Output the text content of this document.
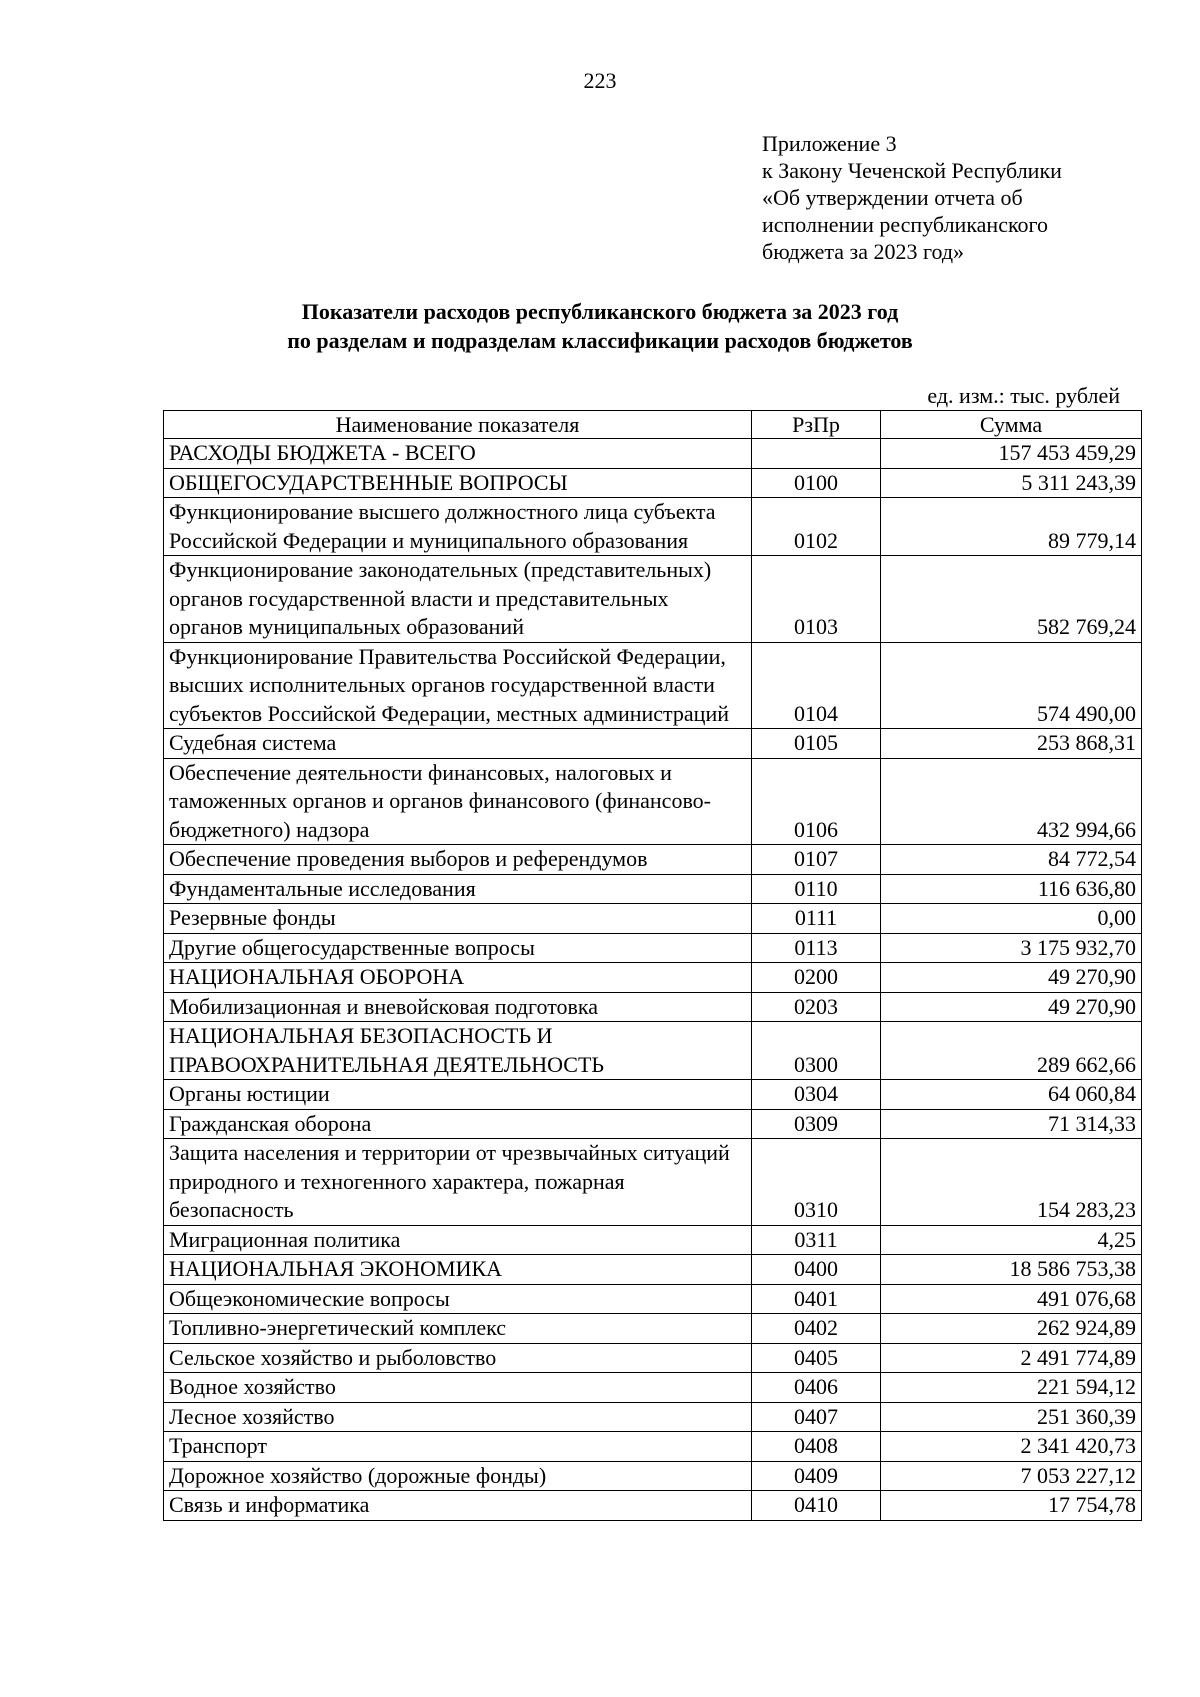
223
Приложение 3
к Закону Чеченской Республики
«Об утверждении отчета об
исполнении республиканского
бюджета за 2023 год»
Показатели расходов республиканского бюджета за 2023 год
по разделам и подразделам классификации расходов бюджетов
ед. изм.: тыс. рублей
Наименование показателя	РзПр	Сумма
РАСХОДЫ БЮДЖЕТА - ВСЕГО		157 453 459,29
ОБЩЕГОСУДАРСТВЕННЫЕ ВОПРОСЫ	0100	5 311 243,39
Функционирование высшего должностного лица субъекта Российской Федерации и муниципального образования	0102	89 779,14
Функционирование законодательных (представительных) органов государственной власти и представительных органов муниципальных образований	0103	582 769,24
Функционирование Правительства Российской Федерации, высших исполнительных органов государственной власти субъектов Российской Федерации, местных администраций	0104	574 490,00
Судебная система	0105	253 868,31
Обеспечение деятельности финансовых, налоговых и таможенных органов и органов финансового (финансово-бюджетного) надзора	0106	432 994,66
Обеспечение проведения выборов и референдумов	0107	84 772,54
Фундаментальные исследования	0110	116 636,80
Резервные фонды	0111	0,00
Другие общегосударственные вопросы	0113	3 175 932,70
НАЦИОНАЛЬНАЯ ОБОРОНА	0200	49 270,90
Мобилизационная и вневойсковая подготовка	0203	49 270,90
НАЦИОНАЛЬНАЯ БЕЗОПАСНОСТЬ И ПРАВООХРАНИТЕЛЬНАЯ ДЕЯТЕЛЬНОСТЬ	0300	289 662,66
Органы юстиции	0304	64 060,84
Гражданская оборона	0309	71 314,33
Защита населения и территории от чрезвычайных ситуаций природного и техногенного характера, пожарная безопасность	0310	154 283,23
Миграционная политика	0311	4,25
НАЦИОНАЛЬНАЯ ЭКОНОМИКА	0400	18 586 753,38
Общеэкономические вопросы	0401	491 076,68
Топливно-энергетический комплекс	0402	262 924,89
Сельское хозяйство и рыболовство	0405	2 491 774,89
Водное хозяйство	0406	221 594,12
Лесное хозяйство	0407	251 360,39
Транспорт	0408	2 341 420,73
Дорожное хозяйство (дорожные фонды)	0409	7 053 227,12
Связь и информатика	0410	17 754,78
